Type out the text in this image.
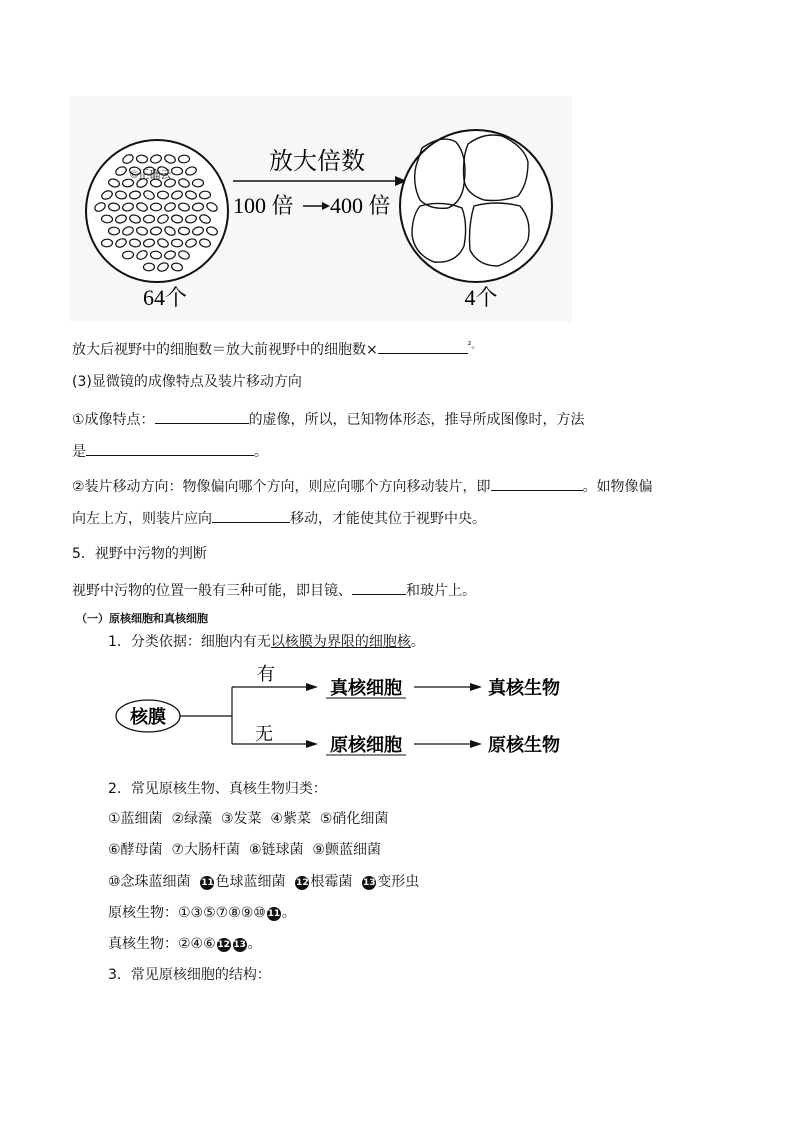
©正确云	放大倍数
100 倍 400 倍
64个	4个
放大后视野中的细胞数＝放大前视野中的细胞数×	$^{^2。}$
(3)显微镜的成像特点及装片移动方向
①成像特点：	的虚像，所以，已知物体形态，推导所成图像时，方法
是	。
②装片移动方向：物像偏向哪个方向，则应向哪个方向移动装片，即	。如物像偏
向左上方，则装片应向	移动，才能使其位于视野中央。
5．视野中污物的判断
视野中污物的位置一般有三种可能，即目镜、	和玻片上。
（一）原核细胞和真核细胞
1．分类依据：细胞内有无以核膜为界限的细胞核。
核膜
有
无
真核细胞	真核生物
原核细胞	原核生物
2．常见原核生物、真核生物归类：
①蓝细菌 ②绿藻 ③发菜 ④紫菜 ⑤硝化细菌
⑥酵母菌 ⑦大肠杆菌 ⑧链球菌 ⑨颤蓝细菌
⑩念珠蓝细菌 11 色球蓝细菌 12 根霉菌 13 变形虫
原核生物：①③⑤⑦⑧⑨⑩ 11 。
真核生物：②④⑥ 12 13 。
3．常见原核细胞的结构：
